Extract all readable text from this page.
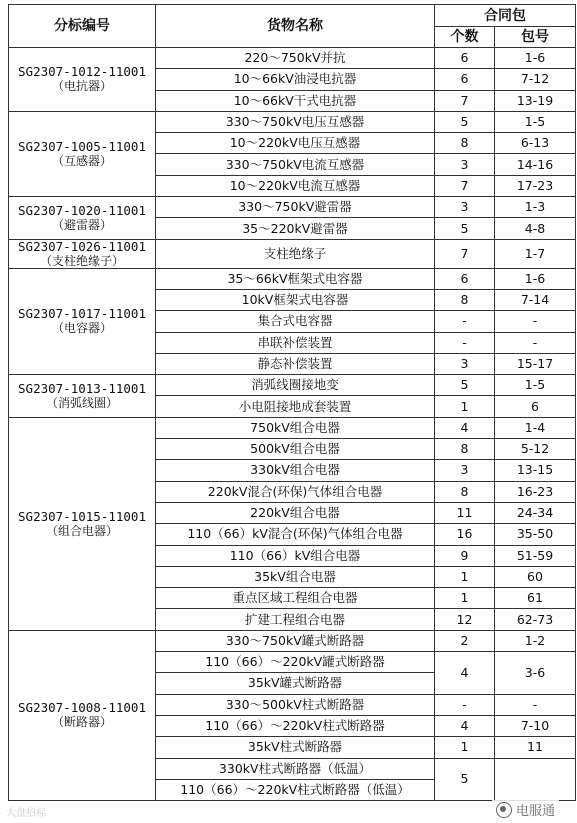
分标编号	货物名称	合同包	
		个数	包号

SG2307-1012-11001
（电抗器）	220～750kV并抗	6	1-6
	10～66kV油浸电抗器	6	7-12
	10～66kV干式电抗器	7	13-19

SG2307-1005-11001
（互感器）	330～750kV电压互感器	5	1-5
	10～220kV电压互感器	8	6-13
	330～750kV电流互感器	3	14-16
	10～220kV电流互感器	7	17-23

SG2307-1020-11001
（避雷器）	330～750kV避雷器	3	1-3
	35～220kV避雷器	5	4-8

SG2307-1026-11001
（支柱绝缘子）	支柱绝缘子	7	1-7

SG2307-1017-11001
（电容器）	35～66kV框架式电容器	6	1-6
	10kV框架式电容器	8	7-14
	集合式电容器	-	-
	串联补偿装置	-	-
	静态补偿装置	3	15-17

SG2307-1013-11001
（消弧线圈）	消弧线圈接地变	5	1-5
	小电阻接地成套装置	1	6

SG2307-1015-11001
（组合电器）	750kV组合电器	4	1-4
	500kV组合电器	8	5-12
	330kV组合电器	3	13-15
	220kV混合(环保)气体组合电器	8	16-23
	220kV组合电器	11	24-34
	110（66）kV混合(环保)气体组合电器	16	35-50
	110（66）kV组合电器	9	51-59
	35kV组合电器	1	60
	重点区域工程组合电器	1	61
	扩建工程组合电器	12	62-73

SG2307-1008-11001
（断路器）	330～750kV罐式断路器	2	1-2
	110（66）～220kV罐式断路器	4	3-6
	35kV罐式断路器		
	330～500kV柱式断路器	-	-
	110（66）～220kV柱式断路器	4	7-10
	35kV柱式断路器	1	11
	330kV柱式断路器（低温）	5	
	110（66）～220kV柱式断路器（低温）		
大盘招标	电服通
